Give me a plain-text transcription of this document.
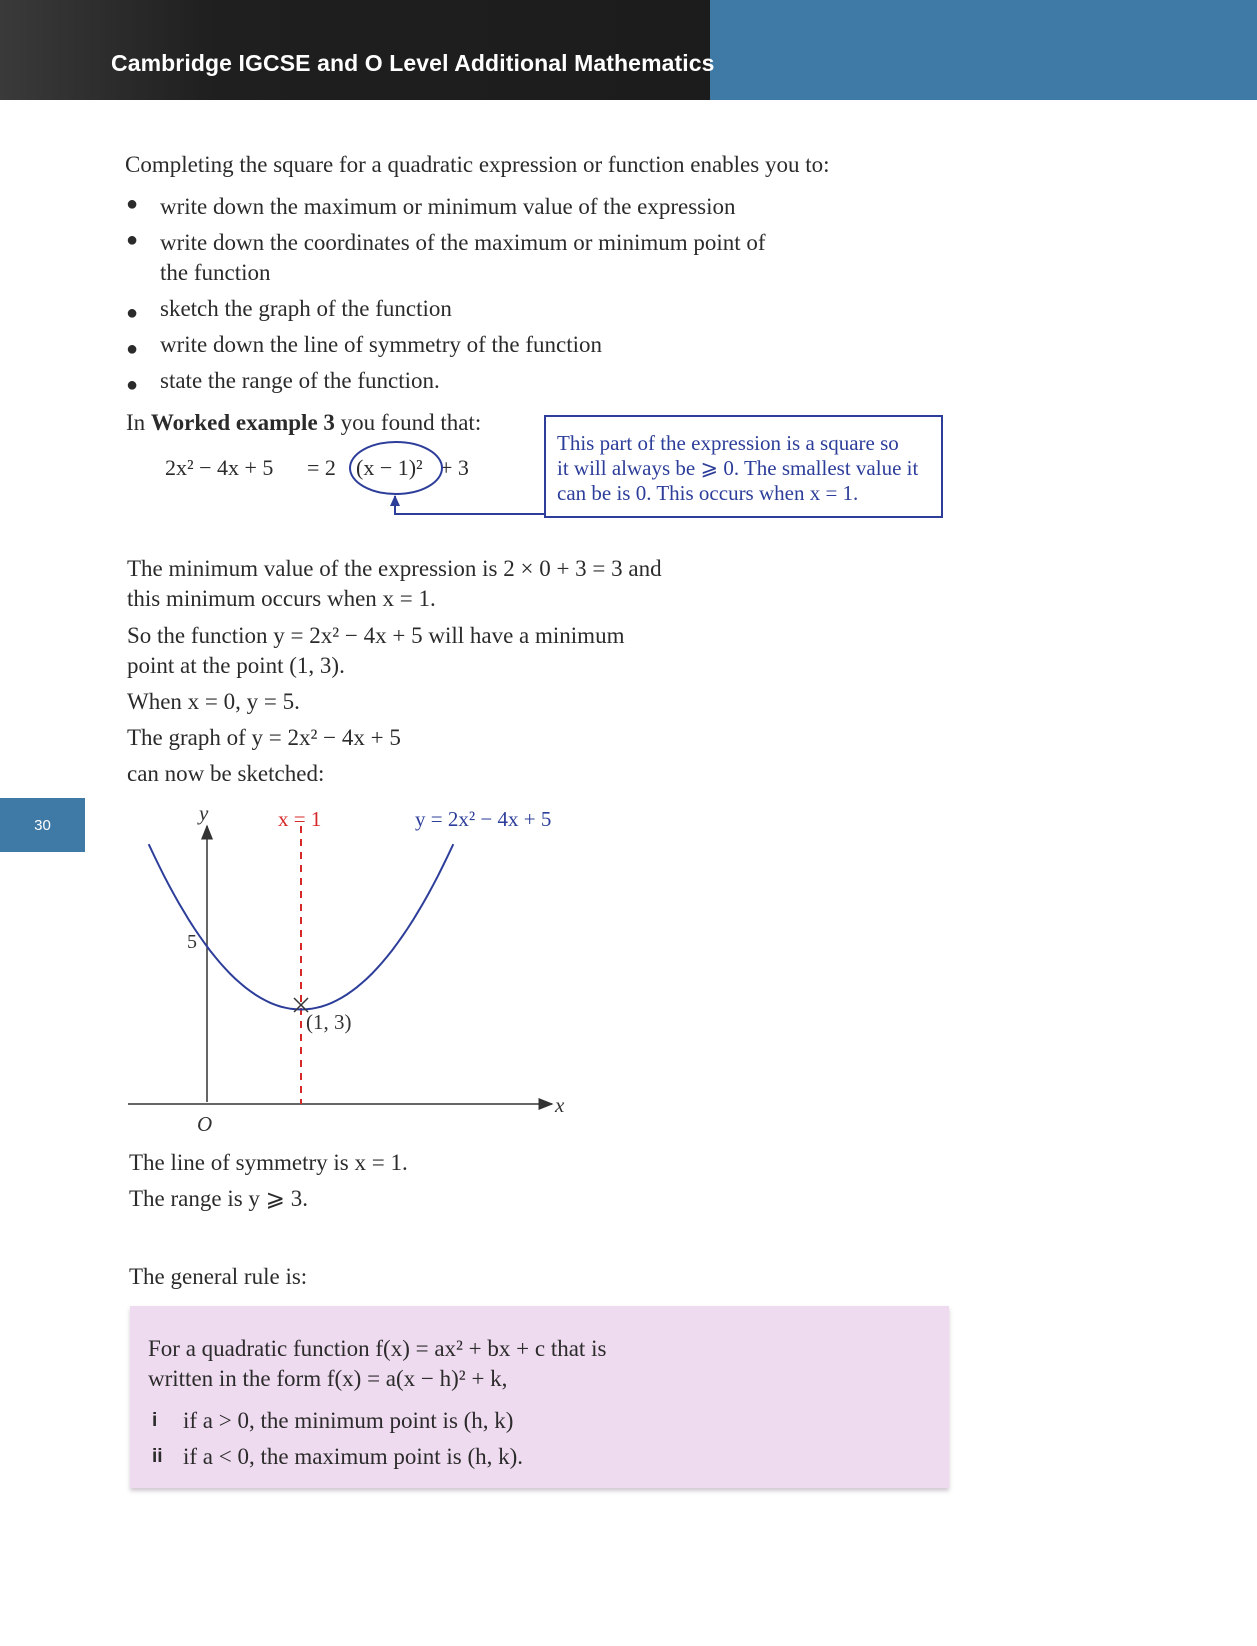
Cambridge IGCSE and O Level Additional Mathematics
30
Completing the square for a quadratic expression or function enables you to:
● write down the maximum or minimum value of the expression
● write down the coordinates of the maximum or minimum point of
the function
● sketch the graph of the function
● write down the line of symmetry of the function
● state the range of the function.
In Worked example 3 you found that:
2x² − 4x + 5 = 2 (x − 1)² + 3
This part of the expression is a square so
it will always be ⩾ 0. The smallest value it
can be is 0. This occurs when x = 1.
The minimum value of the expression is 2 × 0 + 3 = 3 and
this minimum occurs when x = 1.
So the function y = 2x² − 4x + 5 will have a minimum
point at the point (1, 3).
When x = 0, y = 5.
The graph of y = 2x² − 4x + 5
can now be sketched:
y
x
O
5
(1, 3)
x = 1	y = 2x² − 4x + 5
The line of symmetry is x = 1.
The range is y ⩾ 3.
The general rule is:
For a quadratic function f(x) = ax² + bx + c that is
written in the form f(x) = a(x − h)² + k,
i if a > 0, the minimum point is (h, k)
ii if a < 0, the maximum point is (h, k).
